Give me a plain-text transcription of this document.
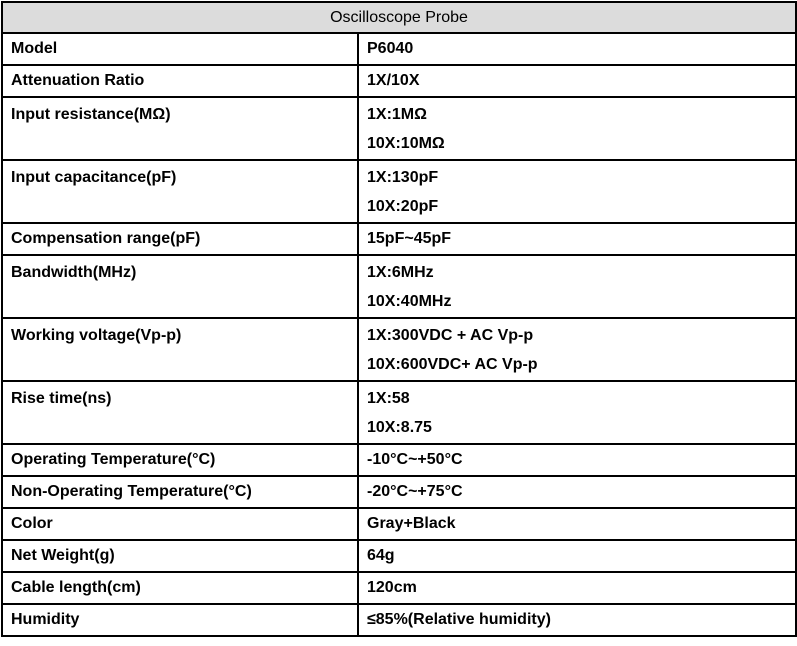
Oscilloscope Probe	
Model	P6040

Attenuation Ratio	1X/10X

Input resistance(MΩ)	1X:1MΩ
10X:10MΩ

Input capacitance(pF)	1X:130pF
10X:20pF

Compensation range(pF)	15pF~45pF

Bandwidth(MHz)	1X:6MHz
10X:40MHz

Working voltage(Vp-p)	1X:300VDC + AC Vp-p
10X:600VDC+ AC Vp-p

Rise time(ns)	1X:58
10X:8.75

Operating Temperature(°C)	-10°C~+50°C

Non-Operating Temperature(°C)	-20°C~+75°C

Color	Gray+Black

Net Weight(g)	64g

Cable length(cm)	120cm

Humidity	≤85%(Relative humidity)
